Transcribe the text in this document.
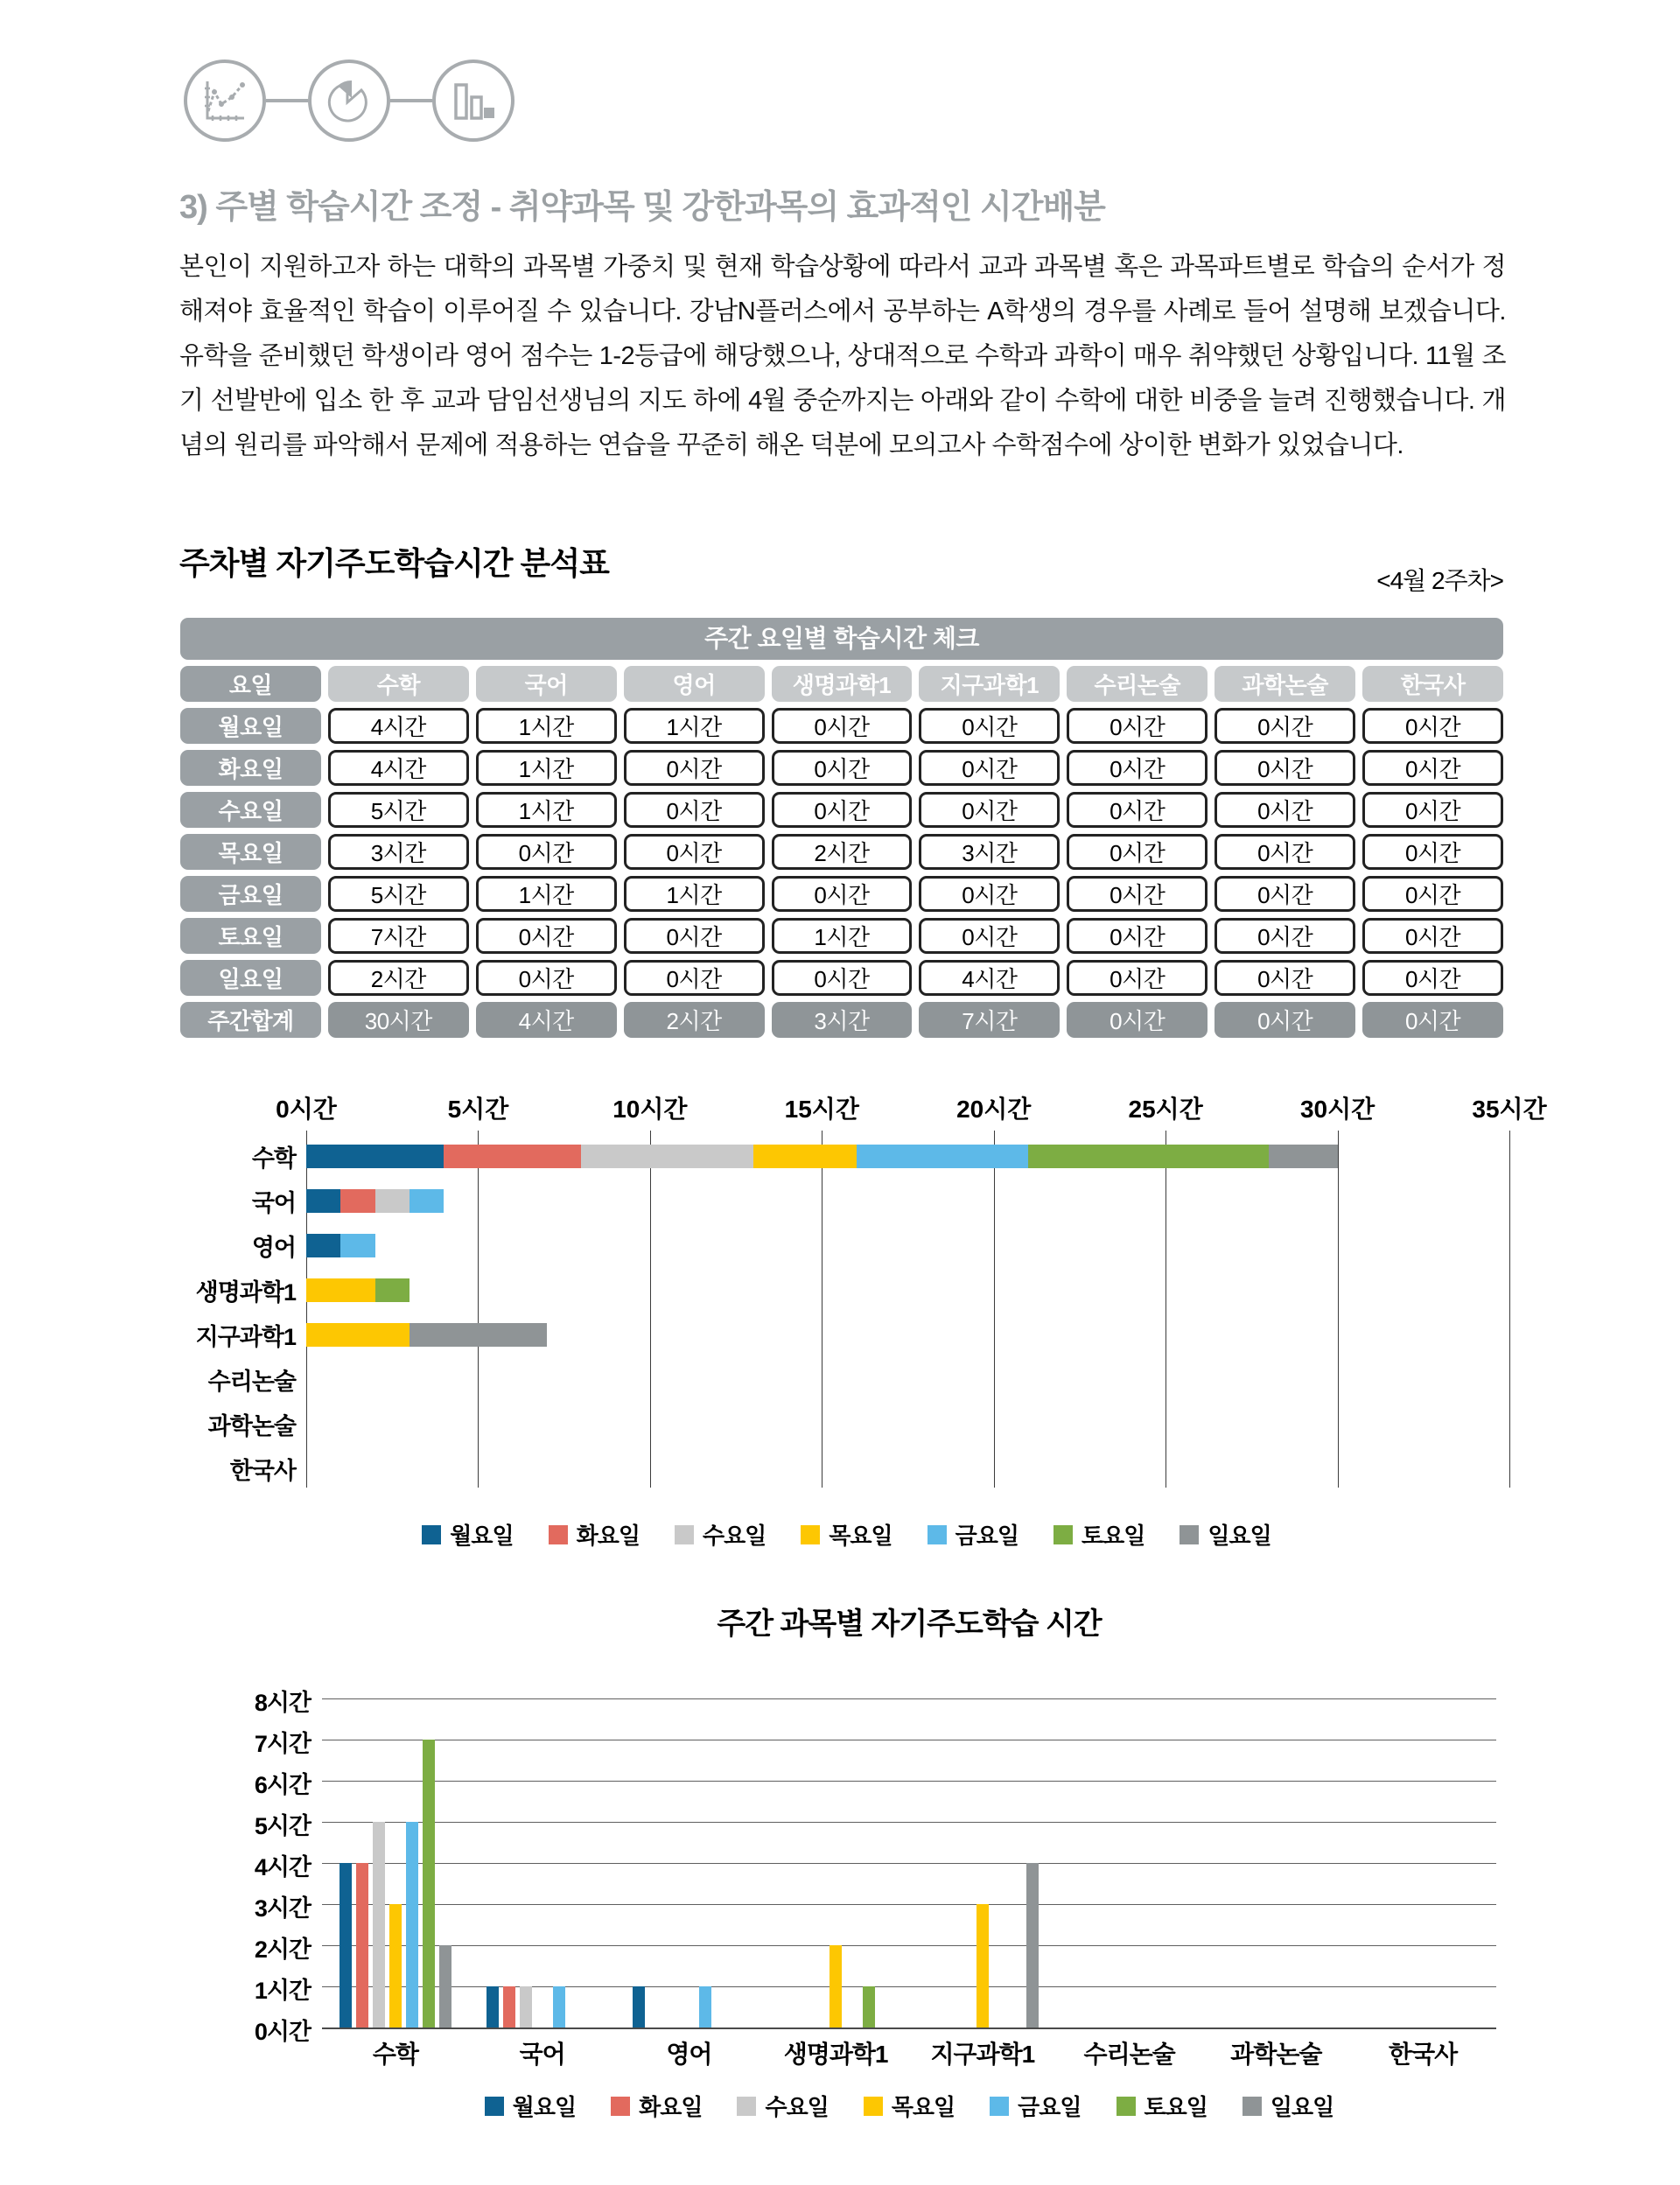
3) 주별 학습시간 조정 - 취약과목 및 강한과목의 효과적인 시간배분
본인이 지원하고자 하는 대학의 과목별 가중치 및 현재 학습상황에 따라서 교과 과목별 혹은 과목파트별로 학습의 순서가 정해져야 효율적인 학습이 이루어질 수 있습니다. 강남N플러스에서 공부하는 A학생의 경우를 사례로 들어 설명해 보겠습니다. 유학을 준비했던 학생이라 영어 점수는 1-2등급에 해당했으나, 상대적으로 수학과 과학이 매우 취약했던 상황입니다. 11월 조기 선발반에 입소 한 후 교과 담임선생님의 지도 하에 4월 중순까지는 아래와 같이 수학에 대한 비중을 늘려 진행했습니다. 개념의 원리를 파악해서 문제에 적용하는 연습을 꾸준히 해온 덕분에 모의고사 수학점수에 상이한 변화가 있었습니다.
주차별 자기주도학습시간 분석표	<4월 2주차>
주간 요일별 학습시간 체크
요일	수학	국어	영어	생명과학1	지구과학1	수리논술	과학논술	한국사
월요일	4시간	1시간	1시간	0시간	0시간	0시간	0시간	0시간
화요일	4시간	1시간	0시간	0시간	0시간	0시간	0시간	0시간
수요일	5시간	1시간	0시간	0시간	0시간	0시간	0시간	0시간
목요일	3시간	0시간	0시간	2시간	3시간	0시간	0시간	0시간
금요일	5시간	1시간	1시간	0시간	0시간	0시간	0시간	0시간
토요일	7시간	0시간	0시간	1시간	0시간	0시간	0시간	0시간
일요일	2시간	0시간	0시간	0시간	4시간	0시간	0시간	0시간
주간합계	30시간	4시간	2시간	3시간	7시간	0시간	0시간	0시간
0시간	5시간	10시간	15시간	20시간	25시간	30시간	35시간
수학
국어
영어
생명과학1
지구과학1
수리논술
과학논술
한국사
월요일	화요일	수요일	목요일	금요일	토요일	일요일
주간 과목별 자기주도학습 시간
0시간
1시간
2시간
3시간
4시간
5시간
6시간
7시간
8시간
수학	국어	영어	생명과학1	지구과학1	수리논술	과학논술	한국사
월요일	화요일	수요일	목요일	금요일	토요일	일요일
